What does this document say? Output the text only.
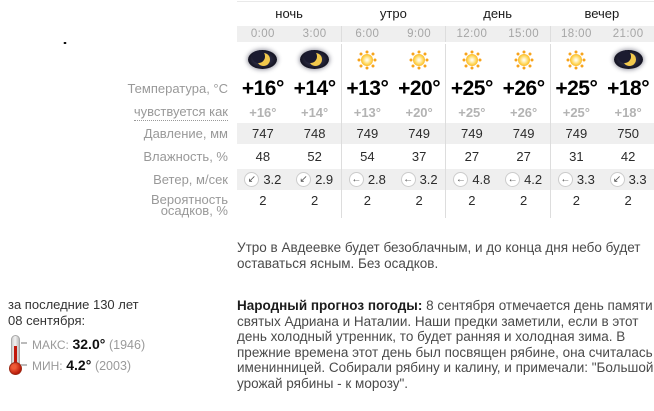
за последние 130 лет
08 сентября:
МАКС: 32.0° (1946) МИН: 4.2° (2003)
ночь	утро	день	вечер
0:00	3:00	6:00	9:00	12:00	15:00	18:00	21:00
Температура, °C +16° +14° +13° +20° +25° +26° +25° +18°
чувствуется как	+16°	+14°	+13°	+20°	+25°	+26°	+25°	+18°
Давление, мм	747	748	749	749	749	749	749	750
Влажность, %	48	52	54	37	27	27	31	42
Ветер, м/сек	↙ 3.2	↙ 2.9 ← 2.8 ← 3.2 ← 4.8 ← 4.2 ← 3.3	↙ 3.3
Вероятность
осадков, %
2	2	2	2	2	2	2	2

Утро в Авдеевке будет безоблачным, и до конца дня небо будет оставаться ясным. Без осадков.

Народный прогноз погоды: 8 сентября отмечается день памяти святых Адриана и Наталии. Наши предки заметили, если в этот день холодный утренник, то будет ранняя и холодная зима. В прежние времена этот день был посвящен рябине, она считалась именинницей. Собирали рябину и калину, и примечали: "Большой урожай рябины - к морозу".
